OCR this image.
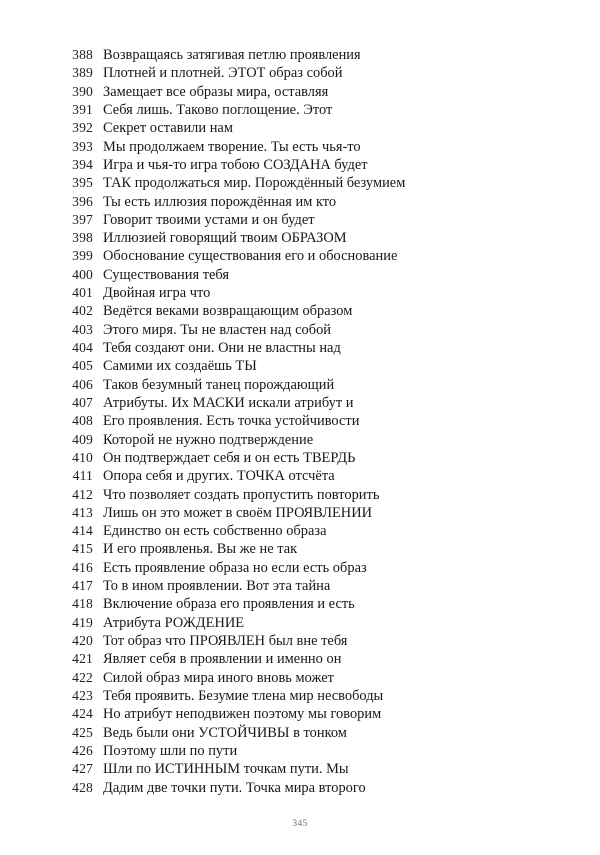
388 Возвращаясь затягивая петлю проявления
389 Плотней и плотней. ЭТОТ образ собой
390 Замещает все образы мира, оставляя
391 Себя лишь. Таково поглощение. Этот
392 Секрет оставили нам
393 Мы продолжаем творение. Ты есть чья-то
394 Игра и чья-то игра тобою СОЗДАНА будет
395 ТАК продолжаться мир. Порождённый безумием
396 Ты есть иллюзия порождённая им кто
397 Говорит твоими устами и он будет
398 Иллюзией говорящий твоим ОБРАЗОМ
399 Обоснование существования его и обоснование
400 Существования тебя
401 Двойная игра что
402 Ведётся веками возвращающим образом
403 Этого миря. Ты не властен над собой
404 Тебя создают они. Они не властны над
405 Самими их создаёшь ТЫ
406 Таков безумный танец порождающий
407 Атрибуты. Их МАСКИ искали атрибут и
408 Его проявления. Есть точка устойчивости
409 Которой не нужно подтверждение
410 Он подтверждает себя и он есть ТВЕРДЬ
411 Опора себя и других. ТОЧКА отсчёта
412 Что позволяет создать пропустить повторить
413 Лишь он это может в своём ПРОЯВЛЕНИИ
414 Единство он есть собственно образа
415 И его проявленья. Вы же не так
416 Есть проявление образа но если есть образ
417 То в ином проявлении. Вот эта тайна
418 Включение образа его проявления и есть
419 Атрибута РОЖДЕНИЕ
420 Тот образ что ПРОЯВЛЕН был вне тебя
421 Являет себя в проявлении и именно он
422 Силой образ мира иного вновь может
423 Тебя проявить. Безумие тлена мир несвободы
424 Но атрибут неподвижен поэтому мы говорим
425 Ведь были они УСТОЙЧИВЫ в тонком
426 Поэтому шли по пути
427 Шли по ИСТИННЫМ точкам пути. Мы
428 Дадим две точки пути. Точка мира второго
345
